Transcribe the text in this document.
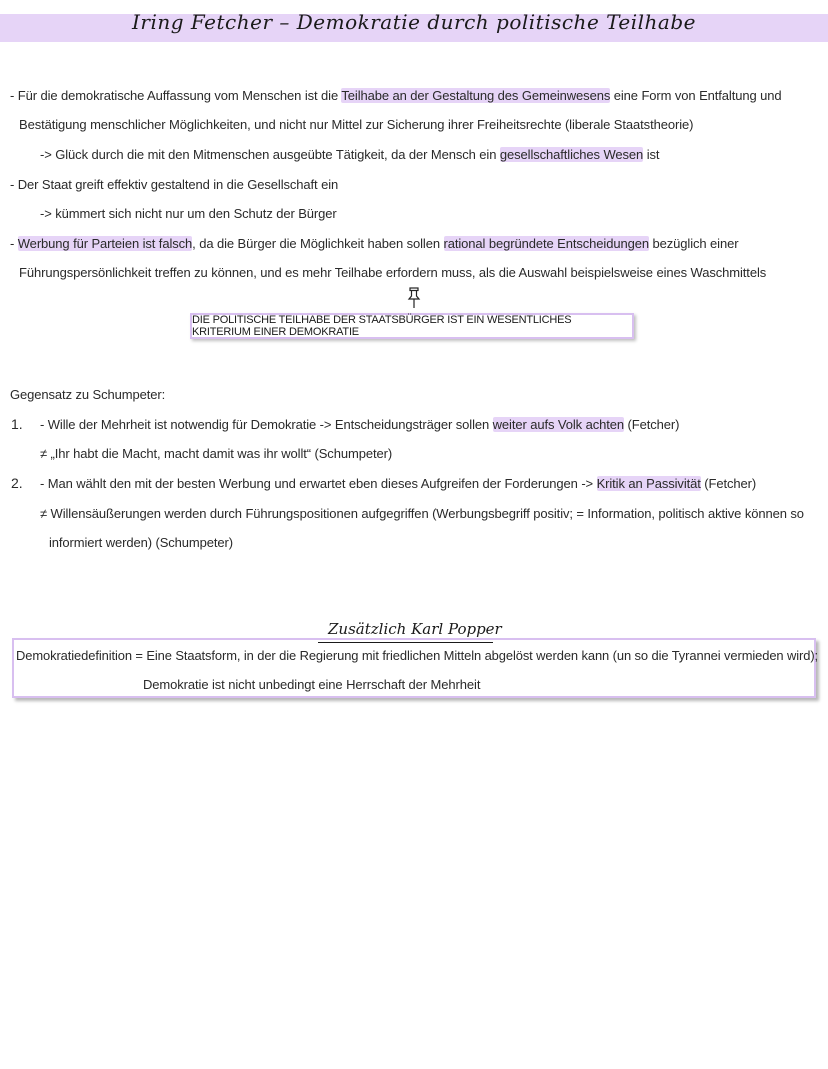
Iring Fetcher – Demokratie durch politische Teilhabe
- Für die demokratische Auffassung vom Menschen ist die Teilhabe an der Gestaltung des Gemeinwesens eine Form von Entfaltung und
Bestätigung menschlicher Möglichkeiten, und nicht nur Mittel zur Sicherung ihrer Freiheitsrechte (liberale Staatstheorie)
-> Glück durch die mit den Mitmenschen ausgeübte Tätigkeit, da der Mensch ein gesellschaftliches Wesen ist
- Der Staat greift effektiv gestaltend in die Gesellschaft ein
-> kümmert sich nicht nur um den Schutz der Bürger
- Werbung für Parteien ist falsch, da die Bürger die Möglichkeit haben sollen rational begründete Entscheidungen bezüglich einer
Führungspersönlichkeit treffen zu können, und es mehr Teilhabe erfordern muss, als die Auswahl beispielsweise eines Waschmittels
DIE POLITISCHE TEILHABE DER STAATSBÜRGER IST EIN WESENTLICHES KRITERIUM EINER DEMOKRATIE
Gegensatz zu Schumpeter:
1. - Wille der Mehrheit ist notwendig für Demokratie -> Entscheidungsträger sollen weiter aufs Volk achten (Fetcher)
≠ „Ihr habt die Macht, macht damit was ihr wollt“ (Schumpeter)
2. - Man wählt den mit der besten Werbung und erwartet eben dieses Aufgreifen der Forderungen -> Kritik an Passivität (Fetcher)
≠ Willensäußerungen werden durch Führungspositionen aufgegriffen (Werbungsbegriff positiv; = Information, politisch aktive können so
informiert werden) (Schumpeter)
Zusätzlich Karl Popper
Demokratiedefinition = Eine Staatsform, in der die Regierung mit friedlichen Mitteln abgelöst werden kann (un so die Tyrannei vermieden wird);
Demokratie ist nicht unbedingt eine Herrschaft der Mehrheit
